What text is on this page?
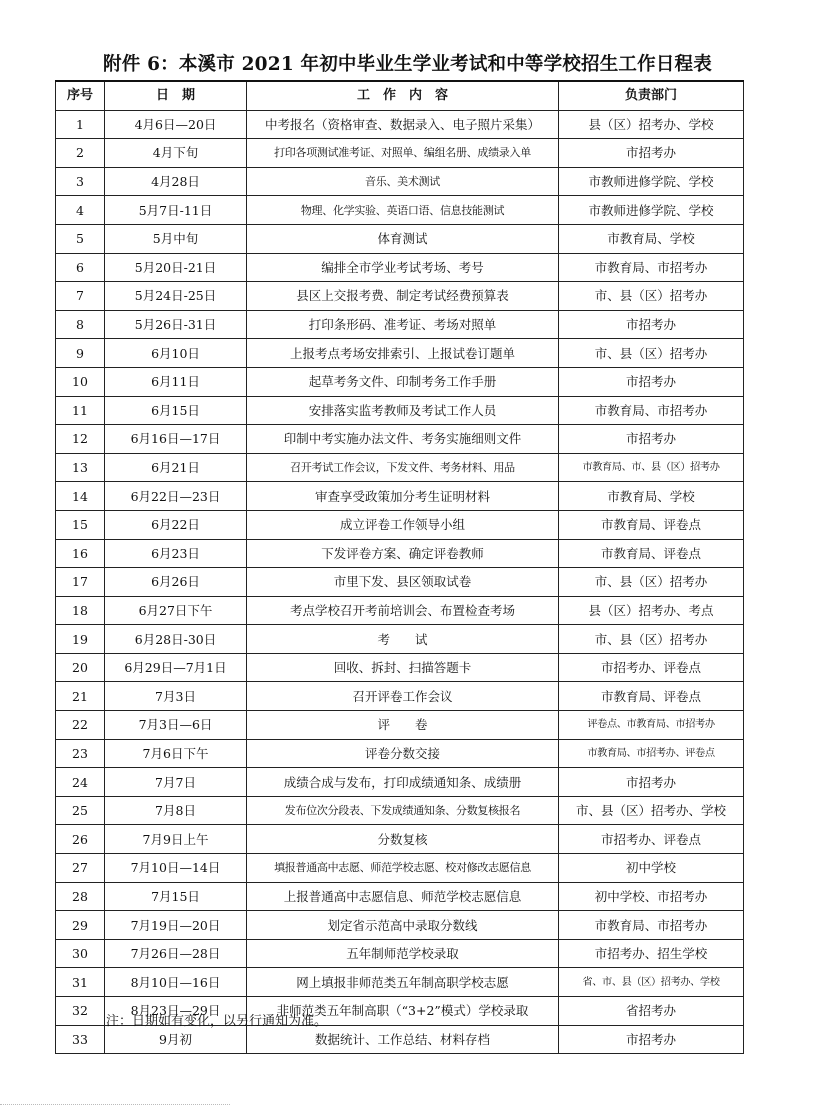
附件 6：本溪市 2021 年初中毕业生学业考试和中等学校招生工作日程表
序号	日　期	工　作　内　容	负责部门
1	4月6日—20日	中考报名（资格审查、数据录入、电子照片采集）	县（区）招考办、学校
2	4月下旬	打印各项测试准考证、对照单、编组名册、成绩录入单	市招考办
3	4月28日	音乐、美术测试	市教师进修学院、学校
4	5月7日-11日	物理、化学实验、英语口语、信息技能测试	市教师进修学院、学校
5	5月中旬	体育测试	市教育局、学校
6	5月20日-21日	编排全市学业考试考场、考号	市教育局、市招考办
7	5月24日-25日	县区上交报考费、制定考试经费预算表	市、县（区）招考办
8	5月26日-31日	打印条形码、准考证、考场对照单	市招考办
9	6月10日	上报考点考场安排索引、上报试卷订题单	市、县（区）招考办
10	6月11日	起草考务文件、印制考务工作手册	市招考办
11	6月15日	安排落实监考教师及考试工作人员	市教育局、市招考办
12	6月16日—17日	印制中考实施办法文件、考务实施细则文件	市招考办
13	6月21日	召开考试工作会议，下发文件、考务材料、用品	市教育局、市、县（区）招考办
14	6月22日—23日	审查享受政策加分考生证明材料	市教育局、学校
15	6月22日	成立评卷工作领导小组	市教育局、评卷点
16	6月23日	下发评卷方案、确定评卷教师	市教育局、评卷点
17	6月26日	市里下发、县区领取试卷	市、县（区）招考办
18	6月27日下午	考点学校召开考前培训会、布置检查考场	县（区）招考办、考点
19	6月28日-30日	考　　试	市、县（区）招考办
20	6月29日—7月1日	回收、拆封、扫描答题卡	市招考办、评卷点
21	7月3日	召开评卷工作会议	市教育局、评卷点
22	7月3日—6日	评　　卷	评卷点、市教育局、市招考办
23	7月6日下午	评卷分数交接	市教育局、市招考办、评卷点
24	7月7日	成绩合成与发布，打印成绩通知条、成绩册	市招考办
25	7月8日	发布位次分段表、下发成绩通知条、分数复核报名	市、县（区）招考办、学校
26	7月9日上午	分数复核	市招考办、评卷点
27	7月10日—14日	填报普通高中志愿、师范学校志愿、校对修改志愿信息	初中学校
28	7月15日	上报普通高中志愿信息、师范学校志愿信息	初中学校、市招考办
29	7月19日—20日	划定省示范高中录取分数线	市教育局、市招考办
30	7月26日—28日	五年制师范学校录取	市招考办、招生学校
31	8月10日—16日	网上填报非师范类五年制高职学校志愿	省、市、县（区）招考办、学校
32	8月23日—29日	非师范类五年制高职（“3+2”模式）学校录取	省招考办
33	9月初	数据统计、工作总结、材料存档	市招考办
注：日期如有变化，以另行通知为准。
